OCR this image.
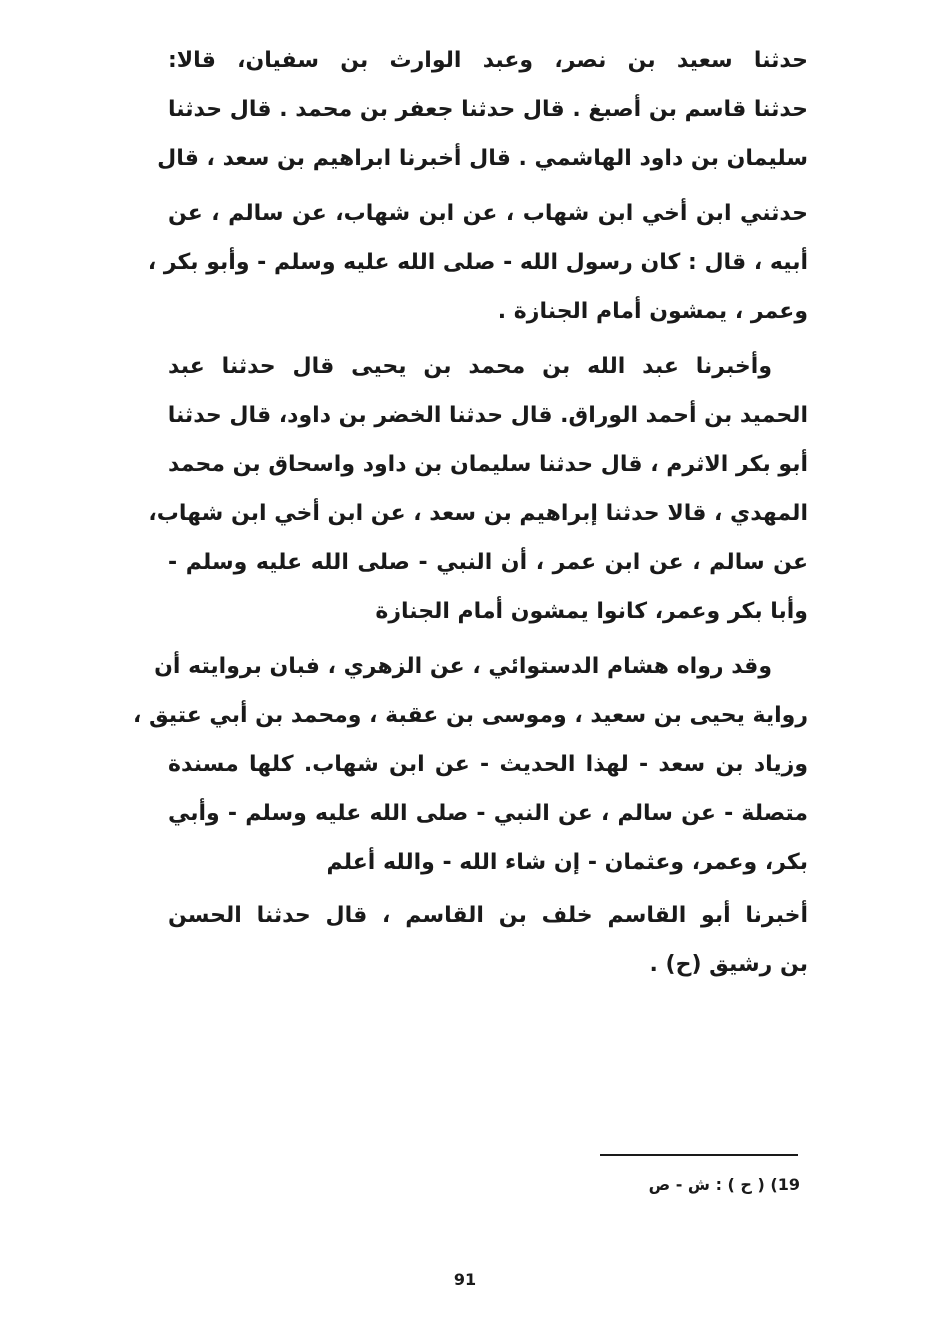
حدثنا سعيد بن نصر، وعبد الوارث بن سفيان، قالا:
حدثنا قاسم بن أصبغ . قال حدثنا جعفر بن محمد . قال حدثنا
سليمان بن داود الهاشمي . قال أخبرنا ابراهيم بن سعد ، قال
حدثني ابن أخي ابن شهاب ، عن ابن شهاب، عن سالم ، عن
أبيه ، قال : كان رسول الله - صلى الله عليه وسلم - وأبو بكر ،
وعمر ، يمشون أمام الجنازة .
وأخبرنا عبد الله بن محمد بن يحيى قال حدثنا عبد
الحميد بن أحمد الوراق. قال حدثنا الخضر بن داود، قال حدثنا
أبو بكر الاثرم ، قال حدثنا سليمان بن داود واسحاق بن محمد
المهدي ، قالا حدثنا إبراهيم بن سعد ، عن ابن أخي ابن شهاب،
عن سالم ، عن ابن عمر ، أن النبي - صلى الله عليه وسلم -
وأبا بكر وعمر، كانوا يمشون أمام الجنازة
وقد رواه هشام الدستوائي ، عن الزهري ، فبان بروايته أن
رواية يحيى بن سعيد ، وموسى بن عقبة ، ومحمد بن أبي عتيق ،
وزياد بن سعد - لهذا الحديث - عن ابن شهاب. كلها مسندة
متصلة - عن سالم ، عن النبي - صلى الله عليه وسلم - وأبي
بكر، وعمر، وعثمان - إن شاء الله - والله أعلم
أخبرنا أبو القاسم خلف بن القاسم ، قال حدثنا الحسن
بن رشيق (ح) .
19) ( ح ) : ش - ص
91
